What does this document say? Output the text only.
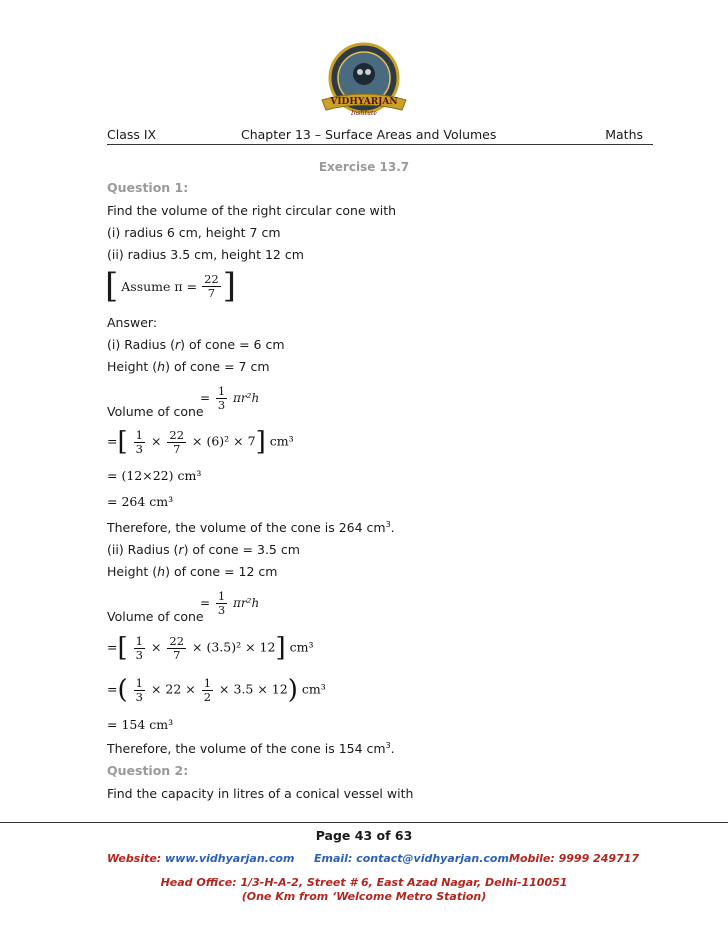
VIDHYARJAN
Institute
Class IX	Chapter 13 – Surface Areas and Volumes	Maths
Exercise 13.7
Question 1:
Find the volume of the right circular cone with
(i) radius 6 cm, height 7 cm
(ii) radius 3.5 cm, height 12 cm
[ Assume $\pi = \frac{22}{7}$ ]
Answer:
(i) Radius (r) of cone = 6 cm
Height (h) of cone = 7 cm
Volume of cone
= $\frac{1}{3} \pi r^2h$
=[ $\frac{1}{3} \times \frac{22}{7} \times (6)^2 \times 7$] cm³
= (12×22) cm³
= 264 cm³
Therefore, the volume of the cone is 264 $cm^3$.
(ii) Radius (r) of cone = 3.5 cm
Height (h) of cone = 12 cm
Volume of cone
= $\frac{1}{3} \pi r^2h$
=[ $\frac{1}{3} \times \frac{22}{7} \times (3.5)^2 \times 12$] cm³
=( $\frac{1}{3} \times 22 \times \frac{1}{2} \times 3.5 \times 12$) cm³
= 154 cm³
Therefore, the volume of the cone is 154 $cm^3$.
Question 2:
Find the capacity in litres of a conical vessel with
Page 43 of 63
Website: www.vidhyarjan.com Email: contact@vidhyarjan.com Mobile: 9999 249717
Head Office: 1/3-H-A-2, Street # 6, East Azad Nagar, Delhi-110051
(One Km from ‘Welcome Metro Station)
